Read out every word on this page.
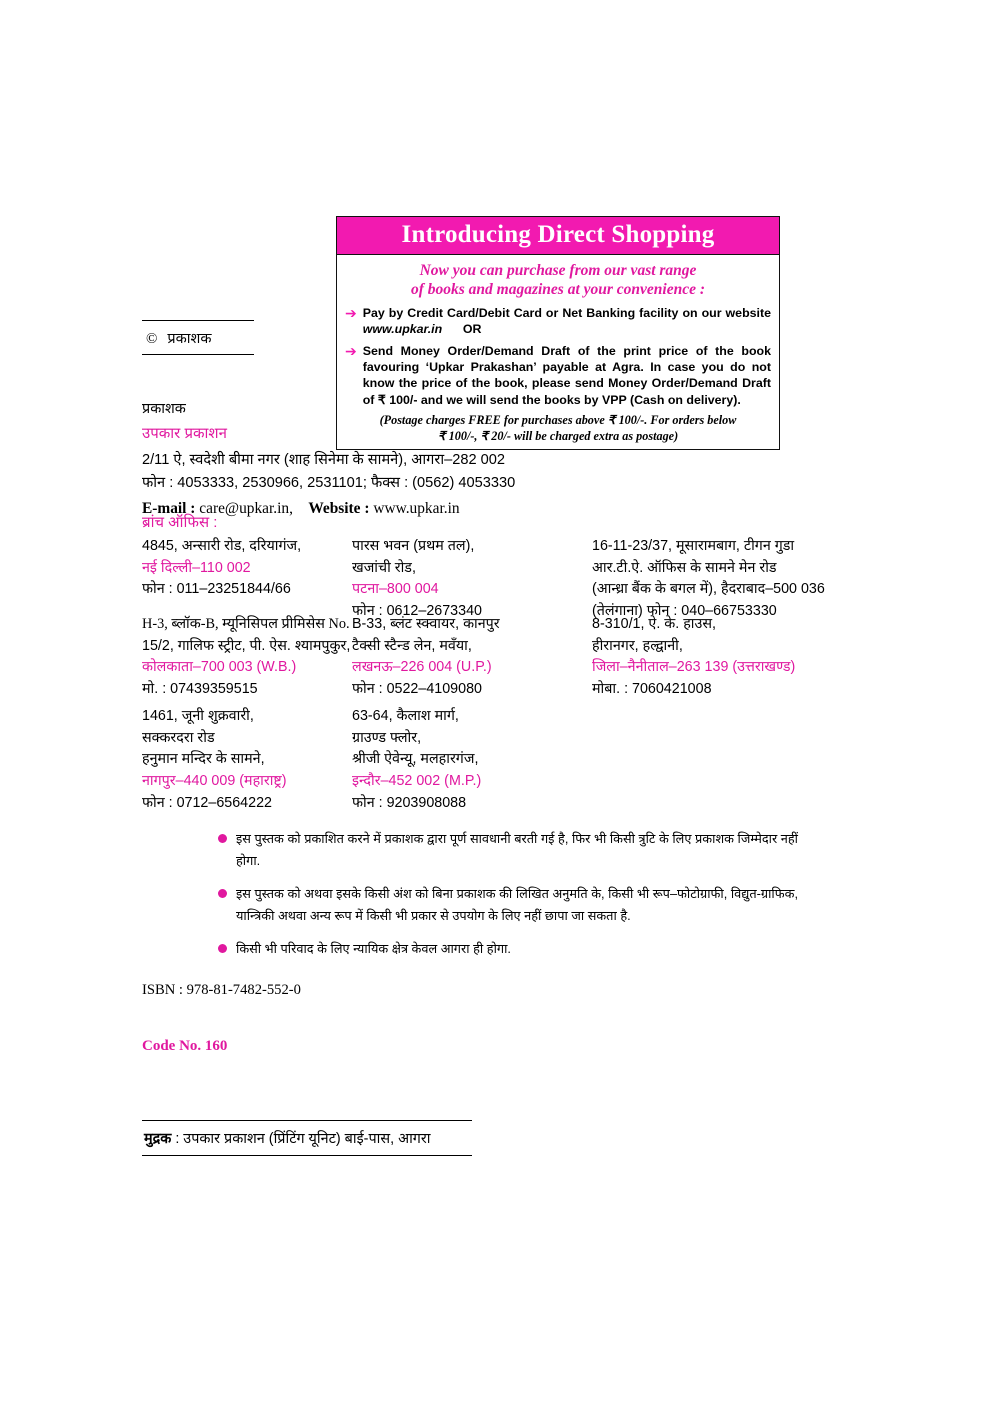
© प्रकाशक
Introducing Direct Shopping
Now you can purchase from our vast range
of books and magazines at your convenience :
➔ Pay by Credit Card/Debit Card or Net Banking facility on our website www.upkar.in OR
➔ Send Money Order/Demand Draft of the print price of the book favouring ‘Upkar Prakashan’ payable at Agra. In case you do not know the price of the book, please send Money Order/Demand Draft of ₹ 100/- and we will send the books by VPP (Cash on delivery).
(Postage charges FREE for purchases above ₹ 100/-. For orders below
₹ 100/-, ₹ 20/- will be charged extra as postage)
प्रकाशक
उपकार प्रकाशन
2/11 ऐ, स्वदेशी बीमा नगर (शाह सिनेमा के सामने), आगरा–282 002
फोन : 4053333, 2530966, 2531101; फैक्स : (0562) 4053330
E-mail : care@upkar.in, Website : www.upkar.in
ब्रांच ऑफिस :
4845, अन्सारी रोड, दरियागंज,
नई दिल्ली–110 002
फोन : 011–23251844/66
पारस भवन (प्रथम तल),
खजांची रोड,
पटना–800 004
फोन : 0612–2673340
16-11-23/37, मूसारामबाग, टीगन गुडा
आर.टी.ऐ. ऑफिस के सामने मेन रोड
(आन्ध्रा बैंक के बगल में), हैदराबाद–500 036
(तेलंगाना) फोन : 040–66753330
H-3, ब्लॉक-B, म्यूनिसिपल प्रीमिसेस No.
15/2, गालिफ स्ट्रीट, पी. ऐस. श्यामपुकुर,
कोलकाता–700 003 (W.B.)
मो. : 07439359515
B-33, ब्लंट स्क्वायर, कानपुर
टैक्सी स्टैन्ड लेन, मवँया,
लखनऊ–226 004 (U.P.)
फोन : 0522–4109080
8-310/1, ऐ. के. हाउस,
हीरानगर, हल्द्वानी,
जिला–नैनीताल–263 139 (उत्तराखण्ड)
मोबा. : 7060421008
1461, जूनी शुक्रवारी,
सक्करदरा रोड
हनुमान मन्दिर के सामने,
नागपुर–440 009 (महाराष्ट्र)
फोन : 0712–6564222
63-64, कैलाश मार्ग,
ग्राउण्ड फ्लोर,
श्रीजी ऐवेन्यू, मलहारगंज,
इन्दौर–452 002 (M.P.)
फोन : 9203908088
इस पुस्तक को प्रकाशित करने में प्रकाशक द्वारा पूर्ण सावधानी बरती गई है, फिर भी किसी त्रुटि के लिए प्रकाशक जिम्मेदार नहीं होगा.
इस पुस्तक को अथवा इसके किसी अंश को बिना प्रकाशक की लिखित अनुमति के, किसी भी रूप–फोटोग्राफी, विद्युत-ग्राफिक, यान्त्रिकी अथवा अन्य रूप में किसी भी प्रकार से उपयोग के लिए नहीं छापा जा सकता है.
किसी भी परिवाद के लिए न्यायिक क्षेत्र केवल आगरा ही होगा.
ISBN : 978-81-7482-552-0
Code No. 160
मुद्रक : उपकार प्रकाशन (प्रिंटिंग यूनिट) बाई-पास, आगरा
